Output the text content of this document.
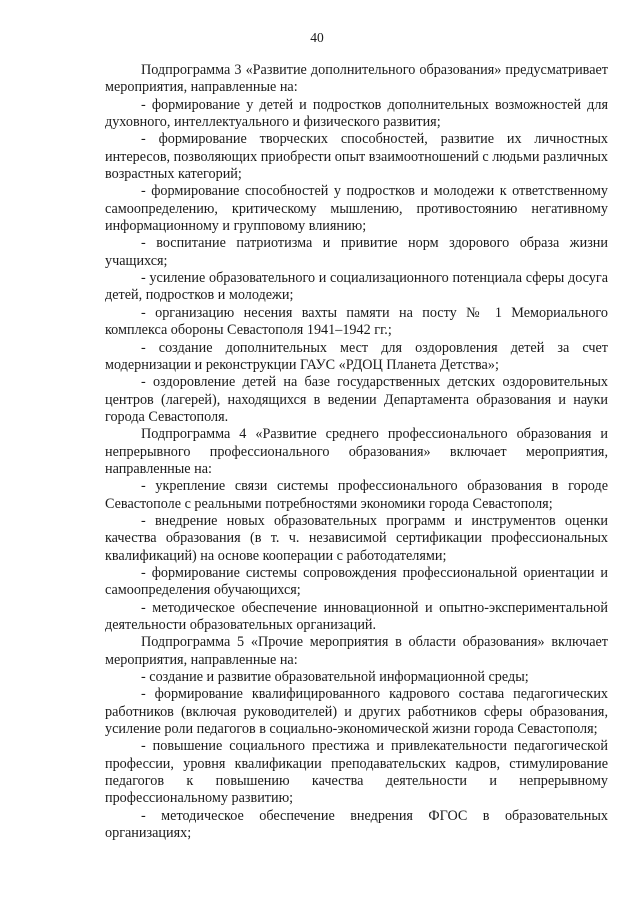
40

Подпрограмма 3 «Развитие дополнительного образования» предусматривает мероприятия, направленные на:

- формирование у детей и подростков дополнительных возможностей для духовного, интеллектуального и физического развития;

- формирование творческих способностей, развитие их личностных интересов, позволяющих приобрести опыт взаимоотношений с людьми различных возрастных категорий;

- формирование способностей у подростков и молодежи к ответственному самоопределению, критическому мышлению, противостоянию негативному информационному и групповому влиянию;

- воспитание патриотизма и привитие норм здорового образа жизни учащихся;

- усиление образовательного и социализационного потенциала сферы досуга детей, подростков и молодежи;

- организацию несения вахты памяти на посту № 1 Мемориального комплекса обороны Севастополя 1941–1942 гг.;

- создание дополнительных мест для оздоровления детей за счет модернизации и реконструкции ГАУС «РДОЦ Планета Детства»;

- оздоровление детей на базе государственных детских оздоровительных центров (лагерей), находящихся в ведении Департамента образования и науки города Севастополя.

Подпрограмма 4 «Развитие среднего профессионального образования и непрерывного профессионального образования» включает мероприятия, направленные на:

- укрепление связи системы профессионального образования в городе Севастополе с реальными потребностями экономики города Севастополя;

- внедрение новых образовательных программ и инструментов оценки качества образования (в т. ч. независимой сертификации профессиональных квалификаций) на основе кооперации с работодателями;

- формирование системы сопровождения профессиональной ориентации и самоопределения обучающихся;

- методическое обеспечение инновационной и опытно-экспериментальной деятельности образовательных организаций.

Подпрограмма 5 «Прочие мероприятия в области образования» включает мероприятия, направленные на:

- создание и развитие образовательной информационной среды;

- формирование квалифицированного кадрового состава педагогических работников (включая руководителей) и других работников сферы образования, усиление роли педагогов в социально-экономической жизни города Севастополя;

- повышение социального престижа и привлекательности педагогической профессии, уровня квалификации преподавательских кадров, стимулирование педагогов к повышению качества деятельности и непрерывному профессиональному развитию;

- методическое обеспечение внедрения ФГОС в образовательных организациях;
